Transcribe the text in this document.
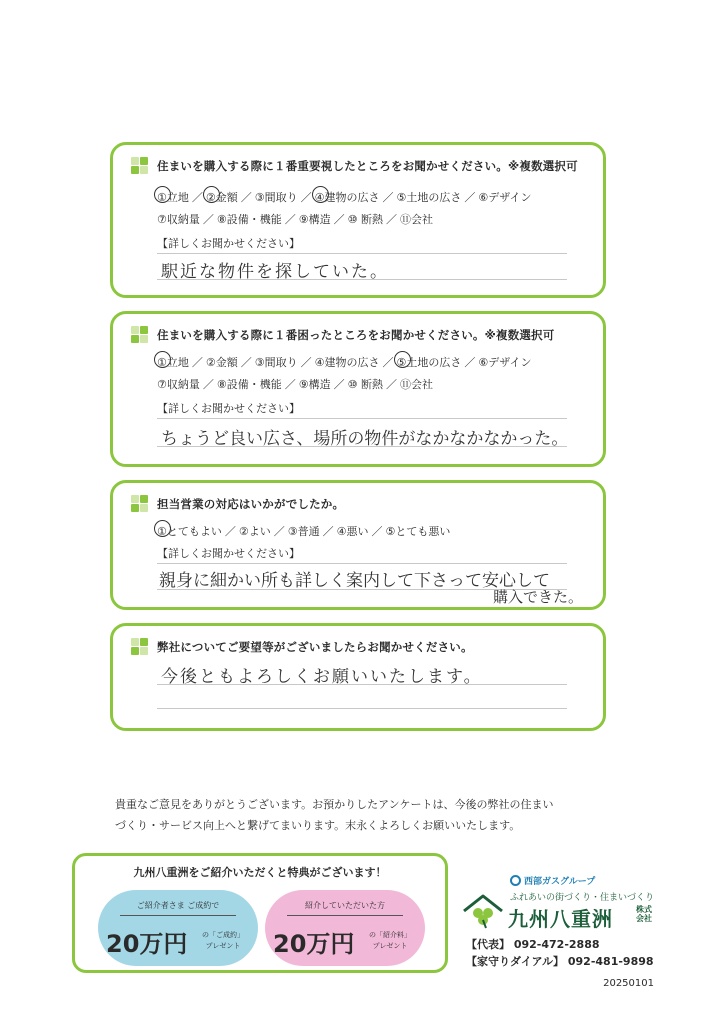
住まいを購入する際に１番重要視したところをお聞かせください。※複数選択可
①立地 ／ ②金額 ／ ③間取り ／ ④建物の広さ ／ ⑤土地の広さ ／ ⑥デザイン
⑦収納量 ／ ⑧設備・機能 ／ ⑨構造 ／ ⑩ 断熱 ／ ⑪会社
【詳しくお聞かせください】
駅近な物件を探していた。
住まいを購入する際に１番困ったところをお聞かせください。※複数選択可
①立地 ／ ②金額 ／ ③間取り ／ ④建物の広さ ／ ⑤土地の広さ ／ ⑥デザイン
⑦収納量 ／ ⑧設備・機能 ／ ⑨構造 ／ ⑩ 断熱 ／ ⑪会社
【詳しくお聞かせください】
ちょうど良い広さ、場所の物件がなかなかなかった。
担当営業の対応はいかがでしたか。
①とてもよい ／ ②よい ／ ③普通 ／ ④悪い ／ ⑤とても悪い
【詳しくお聞かせください】
親身に細かい所も詳しく案内して下さって安心して
購入できた。
弊社についてご要望等がございましたらお聞かせください。
今後ともよろしくお願いいたします。
貴重なご意見をありがとうございます。お預かりしたアンケートは、今後の弊社の住まい
づくり・サービス向上へと繋げてまいります。末永くよろしくお願いいたします。
九州八重洲をご紹介いただくと特典がございます！
ご紹介者さま ご成約で
20万円 の「ご成約」
プレゼント
紹介していただいた方
20万円 の「紹介料」
プレゼント
西部ガスグループ
ふれあいの街づくり・住まいづくり
九州八重洲	株式会社
【代表】 092-472-2888
【家守りダイアル】 092-481-9898
20250101
